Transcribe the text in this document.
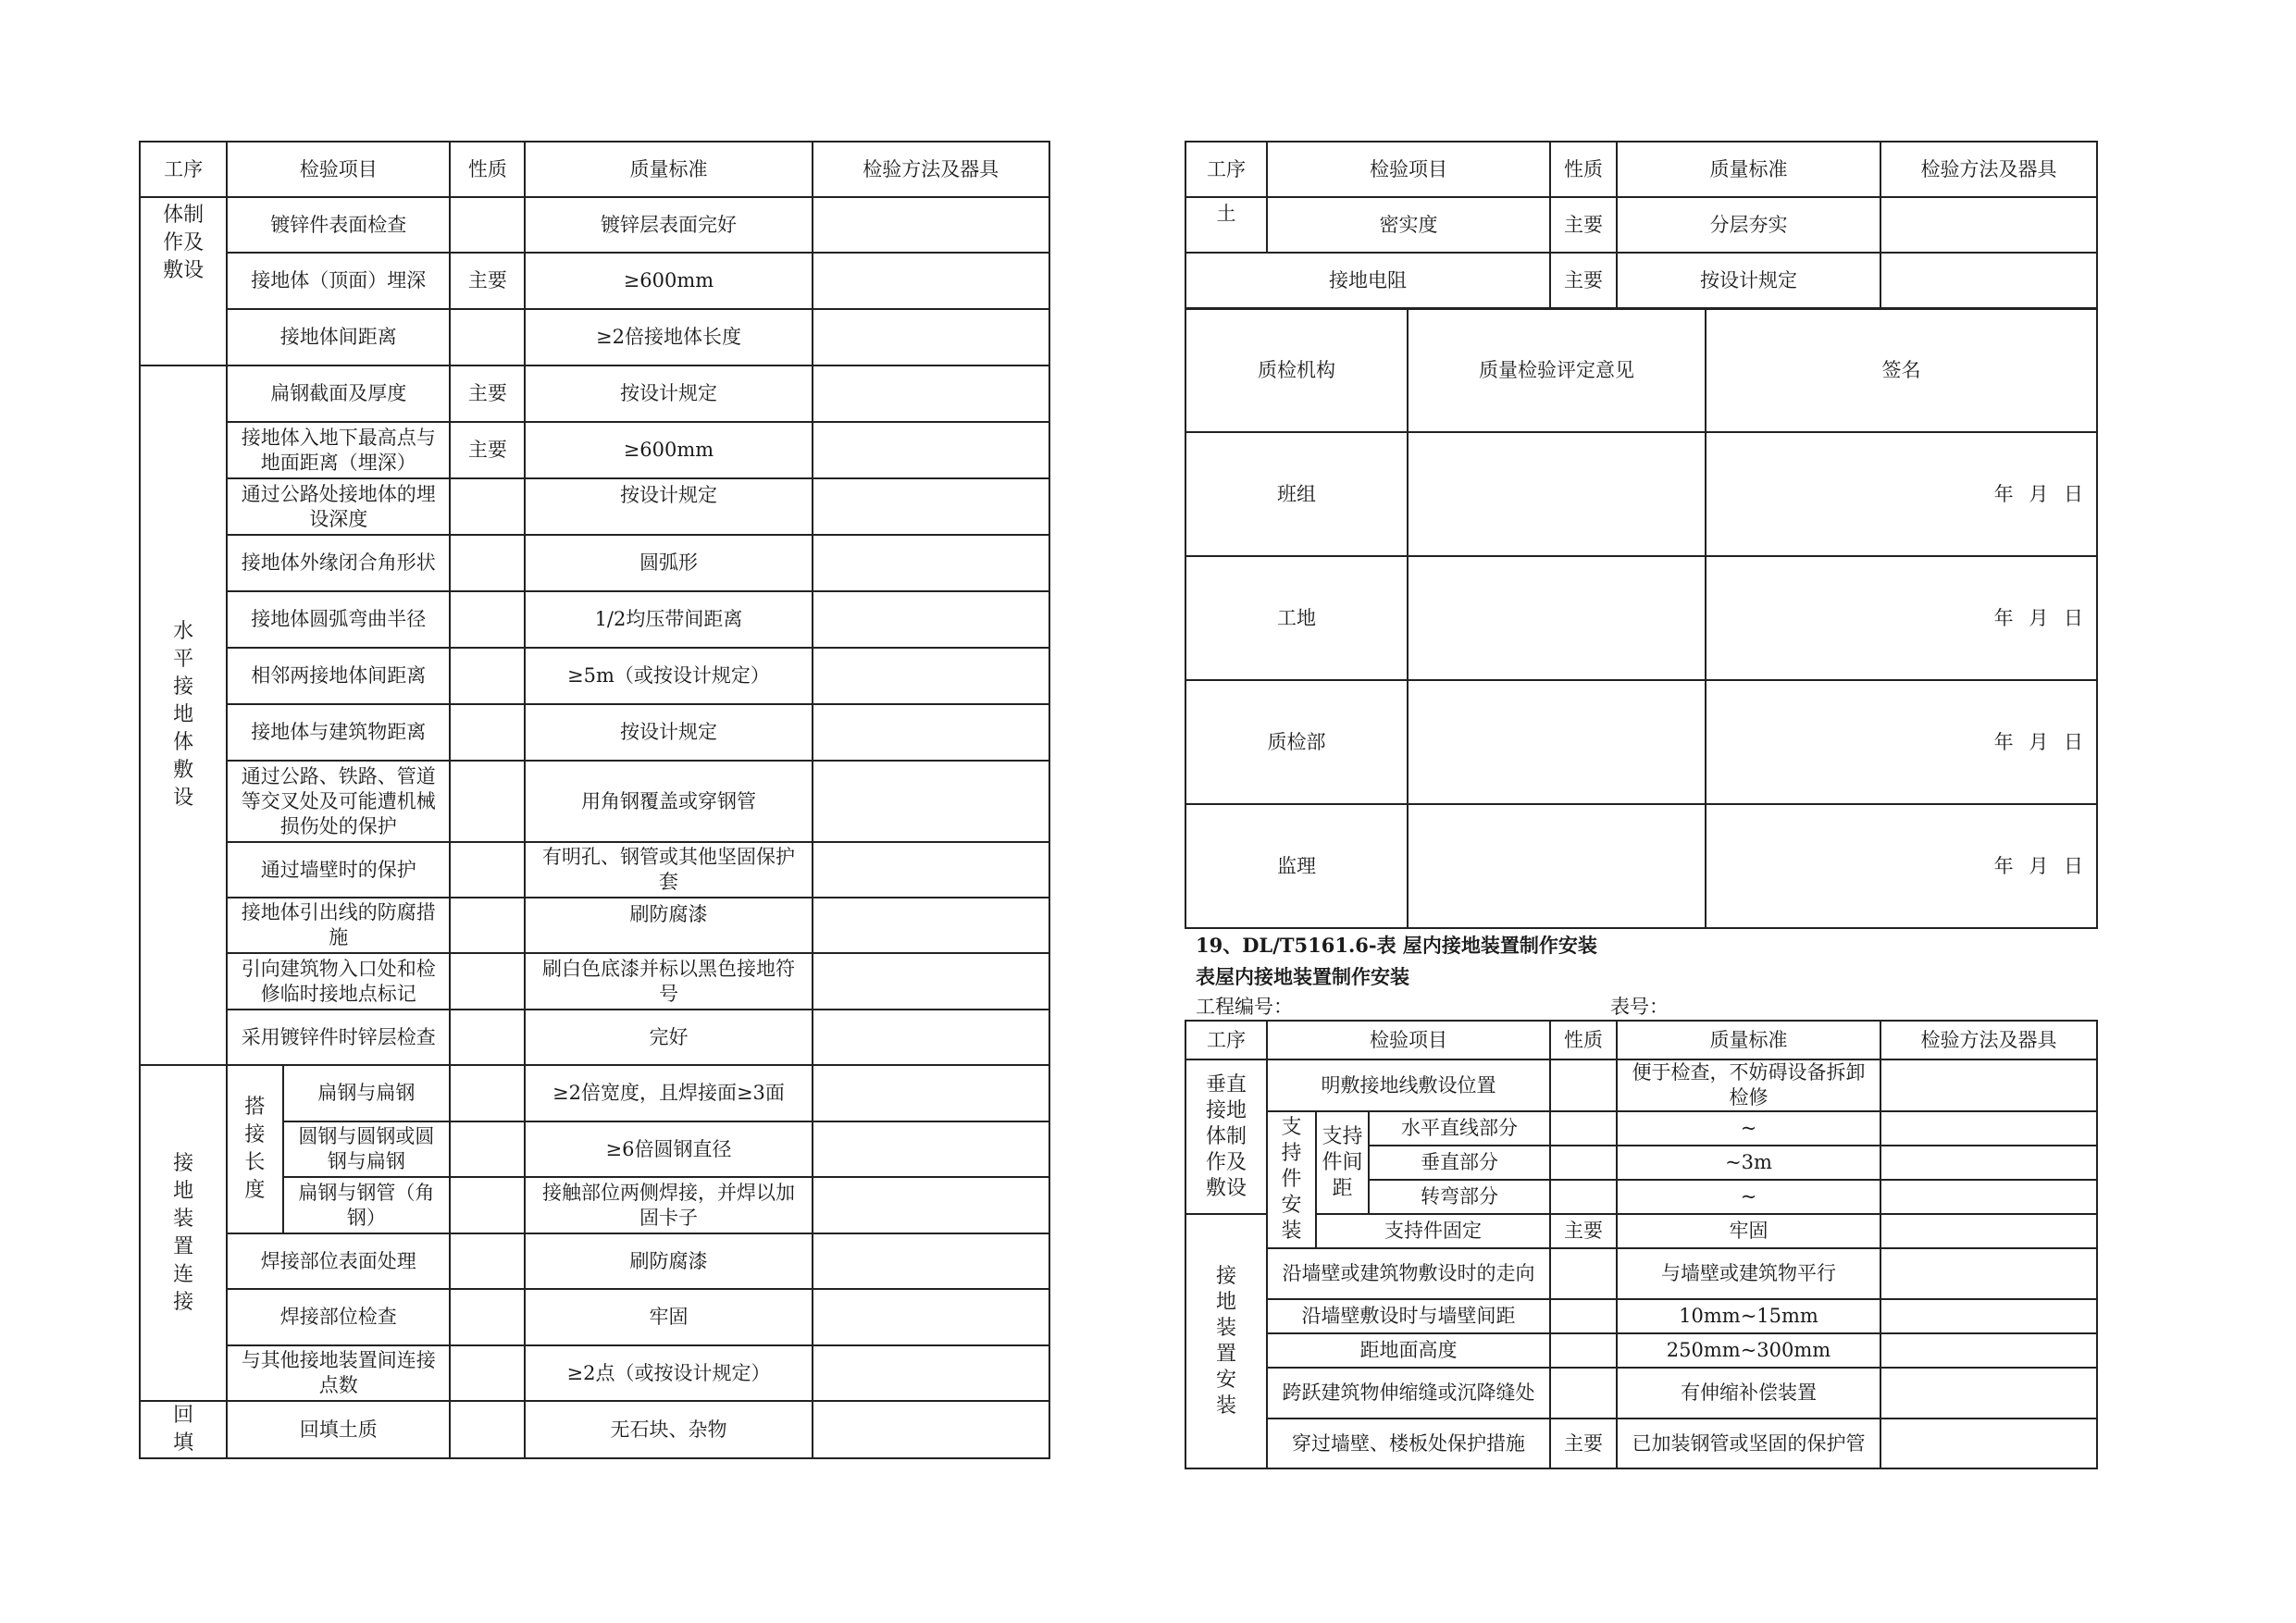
工序	检验项目		性质	质量标准	检验方法及器具
体制作及敷设	镀锌件表面检查			镀锌层表面完好	
	接地体（顶面）埋深		主要	≥600mm	
	接地体间距离			≥2倍接地体长度	
水平接地体敷设	扁钢截面及厚度		主要	按设计规定	
	接地体入地下最高点与地面距离（埋深）		主要	≥600mm	
	通过公路处接地体的埋设深度			按设计规定	
	接地体外缘闭合角形状			圆弧形	
	接地体圆弧弯曲半径			1/2均压带间距离	
	相邻两接地体间距离			≥5m（或按设计规定）	
	接地体与建筑物距离			按设计规定	
	通过公路、铁路、管道等交叉处及可能遭机械损伤处的保护			用角钢覆盖或穿钢管	
	通过墙壁时的保护			有明孔、钢管或其他坚固保护套	
	接地体引出线的防腐措施			刷防腐漆	
	引向建筑物入口处和检修临时接地点标记			刷白色底漆并标以黑色接地符号	
	采用镀锌件时锌层检查			完好	
接地装置连接	搭接长度	扁钢与扁钢		≥2倍宽度，且焊接面≥3面	
		圆钢与圆钢或圆钢与扁钢		≥6倍圆钢直径	
		扁钢与钢管（角钢）		接触部位两侧焊接，并焊以加固卡子	
	焊接部位表面处理			刷防腐漆	
	焊接部位检查			牢固	
	与其他接地装置间连接点数			≥2点（或按设计规定）	
回填	回填土质			无石块、杂物	
工序	检验项目	性质	质量标准	检验方法及器具
土	密实度	主要	分层夯实	
接地电阻		主要	按设计规定	
质检机构	质量检验评定意见	签名
班组		年 月 日
工地		年 月 日
质检部		年 月 日
监理		年 月 日
19、DL/T5161.6-表 屋内接地装置制作安装
表屋内接地装置制作安装
工程编号：	表号：
工序	检验项目			性质	质量标准	检验方法及器具
垂直接地体制作及敷设	明敷接地线敷设位置				便于检查，不妨碍设备拆卸检修	
	支持件安装	支持件间距	水平直线部分		~	
			垂直部分		~3m	
			转弯部分		~	
接地装置安装		支持件固定		主要	牢固	
	沿墙壁或建筑物敷设时的走向				与墙壁或建筑物平行	
	沿墙壁敷设时与墙壁间距				10mm~15mm	
	距地面高度				250mm~300mm	
	跨跃建筑物伸缩缝或沉降缝处				有伸缩补偿装置	
	穿过墙壁、楼板处保护措施			主要	已加装钢管或坚固的保护管	
